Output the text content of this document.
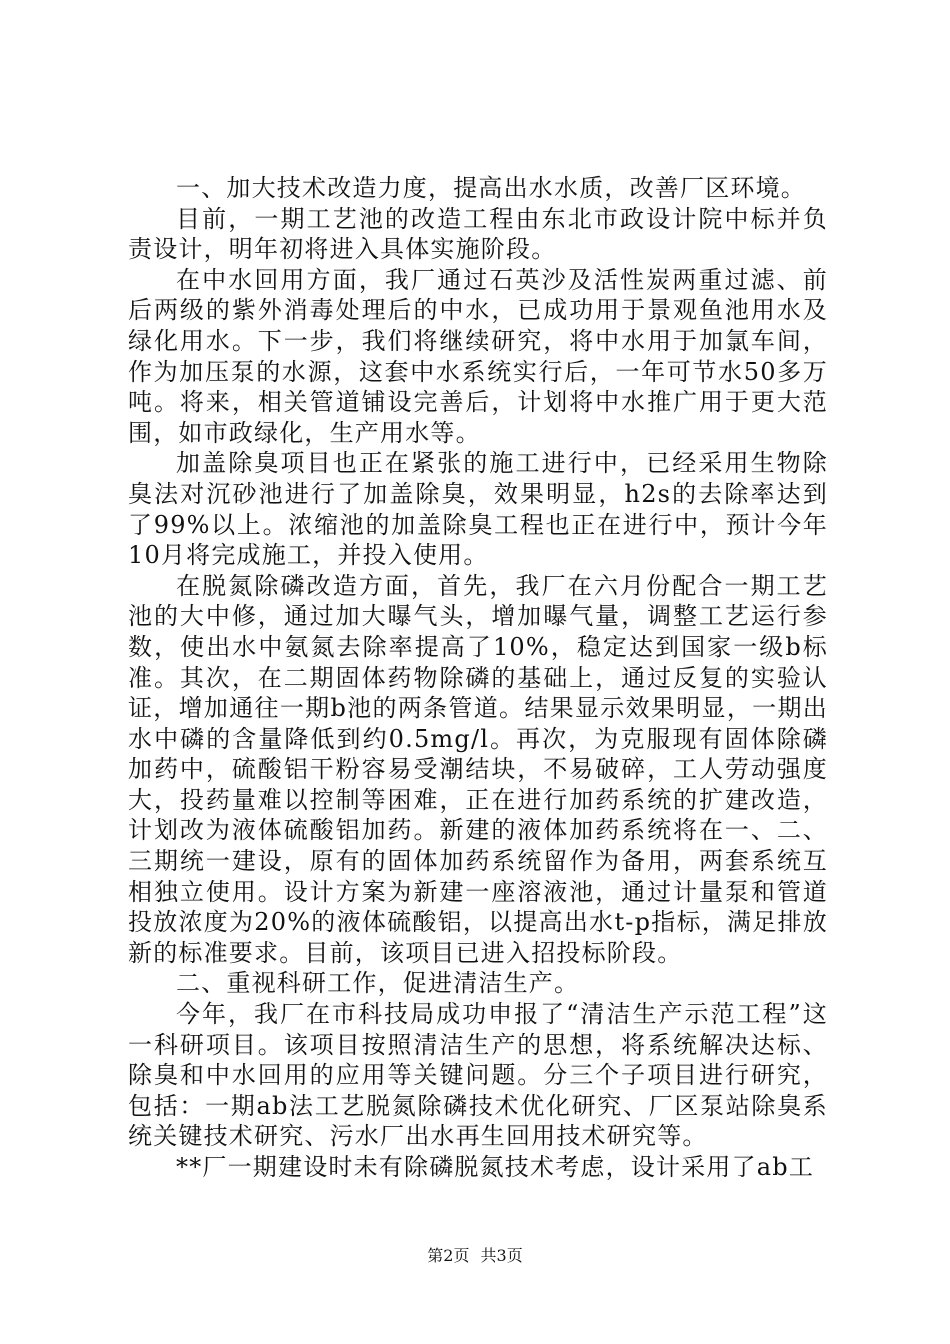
一、加大技术改造力度，提高出水水质，改善厂区环境。

目前，一期工艺池的改造工程由东北市政设计院中标并负责设计，明年初将进入具体实施阶段。

在中水回用方面，我厂通过石英沙及活性炭两重过滤、前后两级的紫外消毒处理后的中水，已成功用于景观鱼池用水及绿化用水。下一步，我们将继续研究，将中水用于加氯车间，作为加压泵的水源，这套中水系统实行后，一年可节水50多万吨。将来，相关管道铺设完善后，计划将中水推广用于更大范围，如市政绿化，生产用水等。

加盖除臭项目也正在紧张的施工进行中，已经采用生物除臭法对沉砂池进行了加盖除臭，效果明显，h2s的去除率达到了99%以上。浓缩池的加盖除臭工程也正在进行中，预计今年10月将完成施工，并投入使用。

在脱氮除磷改造方面，首先，我厂在六月份配合一期工艺池的大中修，通过加大曝气头，增加曝气量，调整工艺运行参数，使出水中氨氮去除率提高了10%，稳定达到国家一级b标准。其次，在二期固体药物除磷的基础上，通过反复的实验认证，增加通往一期b池的两条管道。结果显示效果明显，一期出水中磷的含量降低到约0.5mg/l。再次，为克服现有固体除磷加药中，硫酸铝干粉容易受潮结块，不易破碎，工人劳动强度大，投药量难以控制等困难，正在进行加药系统的扩建改造，计划改为液体硫酸铝加药。新建的液体加药系统将在一、二、三期统一建设，原有的固体加药系统留作为备用，两套系统互相独立使用。设计方案为新建一座溶液池，通过计量泵和管道投放浓度为20%的液体硫酸铝，以提高出水t-p指标，满足排放新的标准要求。目前，该项目已进入招投标阶段。

二、重视科研工作，促进清洁生产。

今年，我厂在市科技局成功申报了“清洁生产示范工程”这一科研项目。该项目按照清洁生产的思想，将系统解决达标、除臭和中水回用的应用等关键问题。分三个子项目进行研究，包括：一期ab法工艺脱氮除磷技术优化研究、厂区泵站除臭系统关键技术研究、污水厂出水再生回用技术研究等。

**厂一期建设时未有除磷脱氮技术考虑，设计采用了ab工

第2页 共3页
